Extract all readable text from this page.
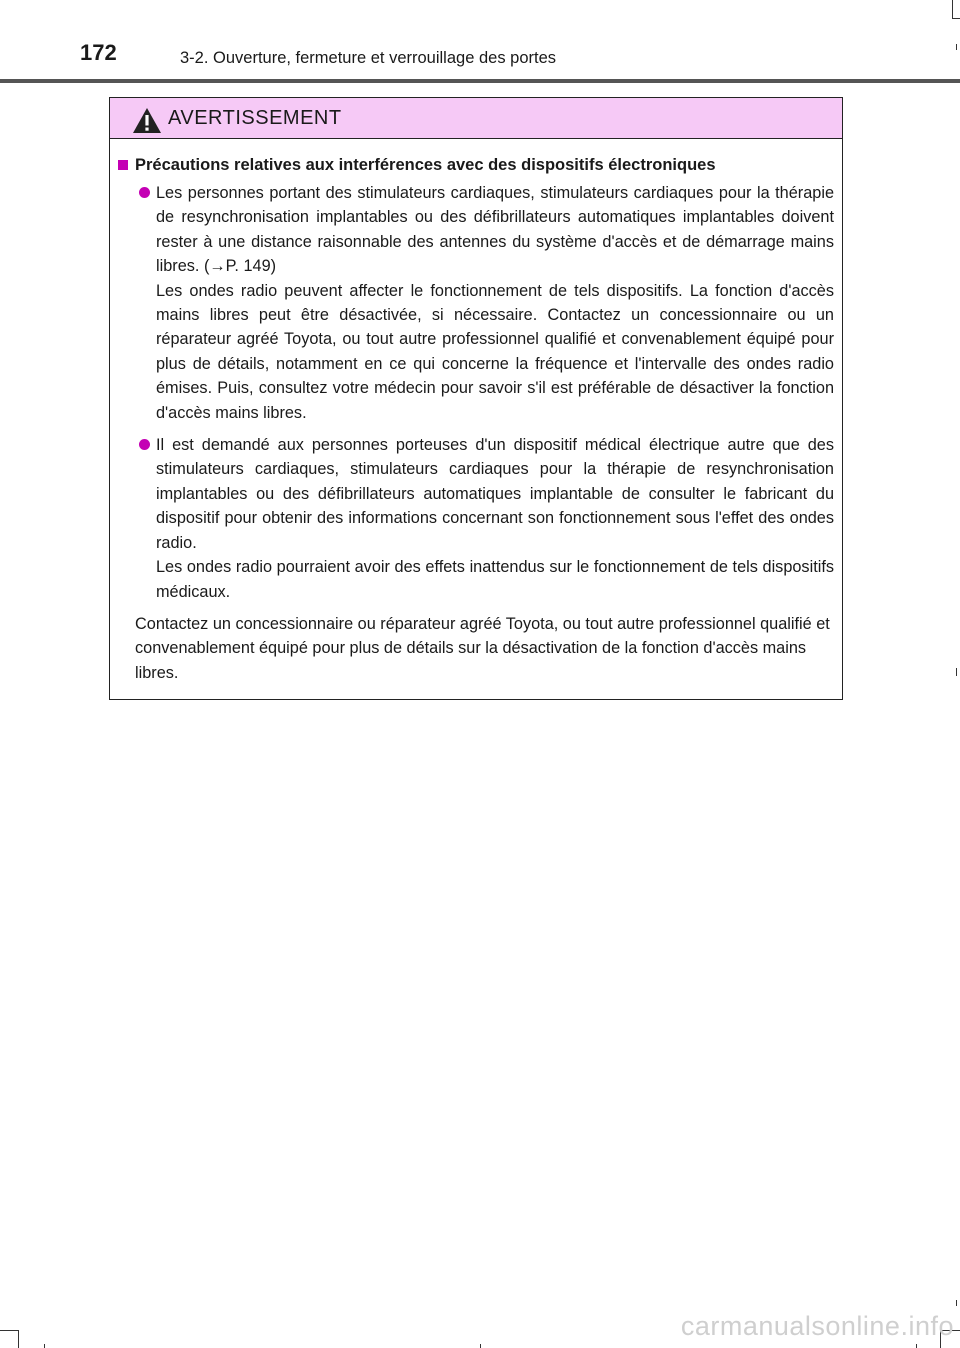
172	3-2. Ouverture, fermeture et verrouillage des portes
AVERTISSEMENT
Précautions relatives aux interférences avec des dispositifs électroniques

Les personnes portant des stimulateurs cardiaques, stimulateurs cardiaques pour la thérapie de resynchronisation implantables ou des défibrillateurs automatiques implantables doivent rester à une distance raisonnable des antennes du système d'accès et de démarrage mains libres. (→P. 149)

Les ondes radio peuvent affecter le fonctionnement de tels dispositifs. La fonction d'accès mains libres peut être désactivée, si nécessaire. Contactez un concessionnaire ou un réparateur agréé Toyota, ou tout autre professionnel qualifié et convenablement équipé pour plus de détails, notamment en ce qui concerne la fréquence et l'intervalle des ondes radio émises. Puis, consultez votre médecin pour savoir s'il est préférable de désactiver la fonction d'accès mains libres.

Il est demandé aux personnes porteuses d'un dispositif médical électrique autre que des stimulateurs cardiaques, stimulateurs cardiaques pour la thérapie de resynchronisation implantables ou des défibrillateurs automatiques implantable de consulter le fabricant du dispositif pour obtenir des informations concernant son fonctionnement sous l'effet des ondes radio.

Les ondes radio pourraient avoir des effets inattendus sur le fonctionnement de tels dispositifs médicaux.

Contactez un concessionnaire ou réparateur agréé Toyota, ou tout autre professionnel qualifié et convenablement équipé pour plus de détails sur la désactivation de la fonction d'accès mains libres.

carmanualsonline.info
